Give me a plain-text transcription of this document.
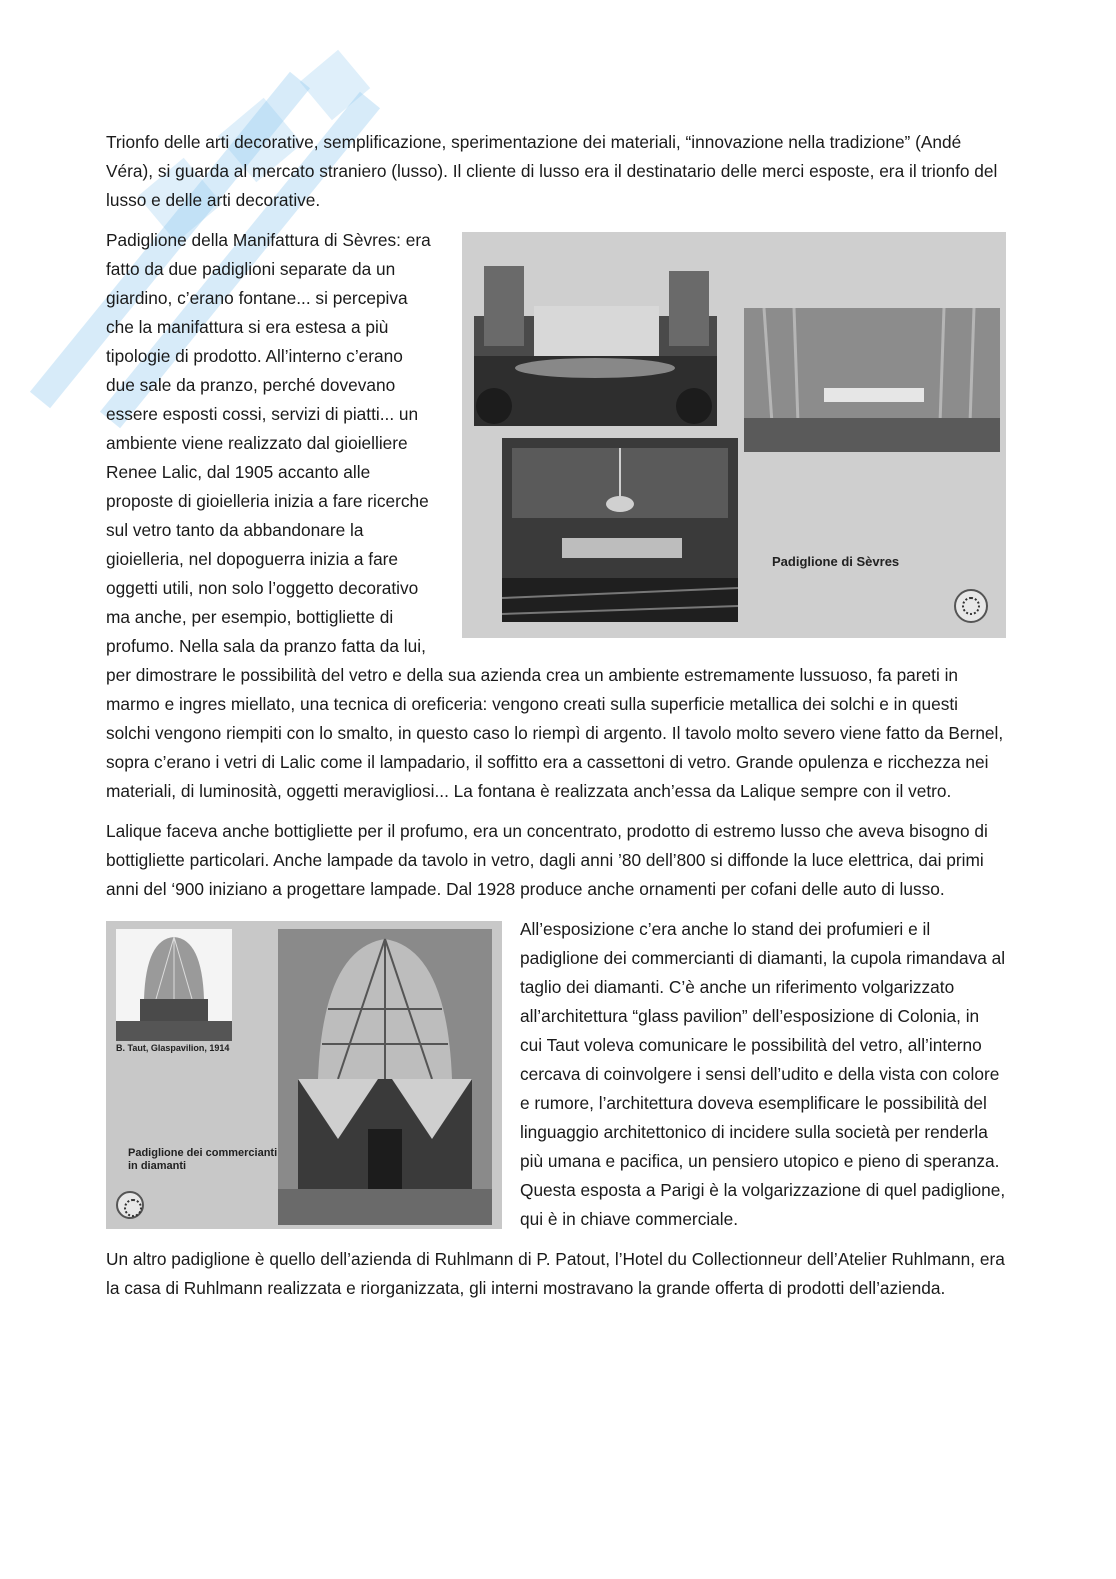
Trionfo delle arti decorative, semplificazione, sperimentazione dei materiali, “innovazione nella tradizione” (Andé Véra), si guarda al mercato straniero (lusso). Il cliente di lusso era il destinatario delle merci esposte, era il trionfo del lusso e delle arti decorative.

Padiglione di Sèvres

Padiglione della Manifattura di Sèvres: era fatto da due padiglioni separate da un giardino, c’erano fontane... si percepiva che la manifattura si era estesa a più tipologie di prodotto. All’interno c’erano due sale da pranzo, perché dovevano essere esposti cossi, servizi di piatti... un ambiente viene realizzato dal gioielliere Renee Lalic, dal 1905 accanto alle proposte di gioielleria inizia a fare ricerche sul vetro tanto da abbandonare la gioielleria, nel dopoguerra inizia a fare oggetti utili, non solo l’oggetto decorativo ma anche, per esempio, bottigliette di profumo. Nella sala da pranzo fatta da lui, per dimostrare le possibilità del vetro e della sua azienda crea un ambiente estremamente lussuoso, fa pareti in marmo e ingres miellato, una tecnica di oreficeria: vengono creati sulla superficie metallica dei solchi e in questi solchi vengono riempiti con lo smalto, in questo caso lo riempì di argento. Il tavolo molto severo viene fatto da Bernel, sopra c’erano i vetri di Lalic come il lampadario, il soffitto era a cassettoni di vetro. Grande opulenza e ricchezza nei materiali, di luminosità, oggetti meravigliosi... La fontana è realizzata anch’essa da Lalique sempre con il vetro.

Lalique faceva anche bottigliette per il profumo, era un concentrato, prodotto di estremo lusso che aveva bisogno di bottigliette particolari. Anche lampade da tavolo in vetro, dagli anni ’80 dell’800 si diffonde la luce elettrica, dai primi anni del ‘900 iniziano a progettare lampade. Dal 1928 produce anche ornamenti per cofani delle auto di lusso.

B. Taut, Glaspavilion, 1914
Padiglione dei commercianti
in diamanti

All’esposizione c’era anche lo stand dei profumieri e il padiglione dei commercianti di diamanti, la cupola rimandava al taglio dei diamanti. C’è anche un riferimento volgarizzato all’architettura “glass pavilion” dell’esposizione di Colonia, in cui Taut voleva comunicare le possibilità del vetro, all’interno cercava di coinvolgere i sensi dell’udito e della vista con colore e rumore, l’architettura doveva esemplificare le possibilità del linguaggio architettonico di incidere sulla società per renderla più umana e pacifica, un pensiero utopico e pieno di speranza. Questa esposta a Parigi è la volgarizzazione di quel padiglione, qui è in chiave commerciale.

Un altro padiglione è quello dell’azienda di Ruhlmann di P. Patout, l’Hotel du Collectionneur dell’Atelier Ruhlmann, era la casa di Ruhlmann realizzata e riorganizzata, gli interni mostravano la grande offerta di prodotti dell’azienda.
